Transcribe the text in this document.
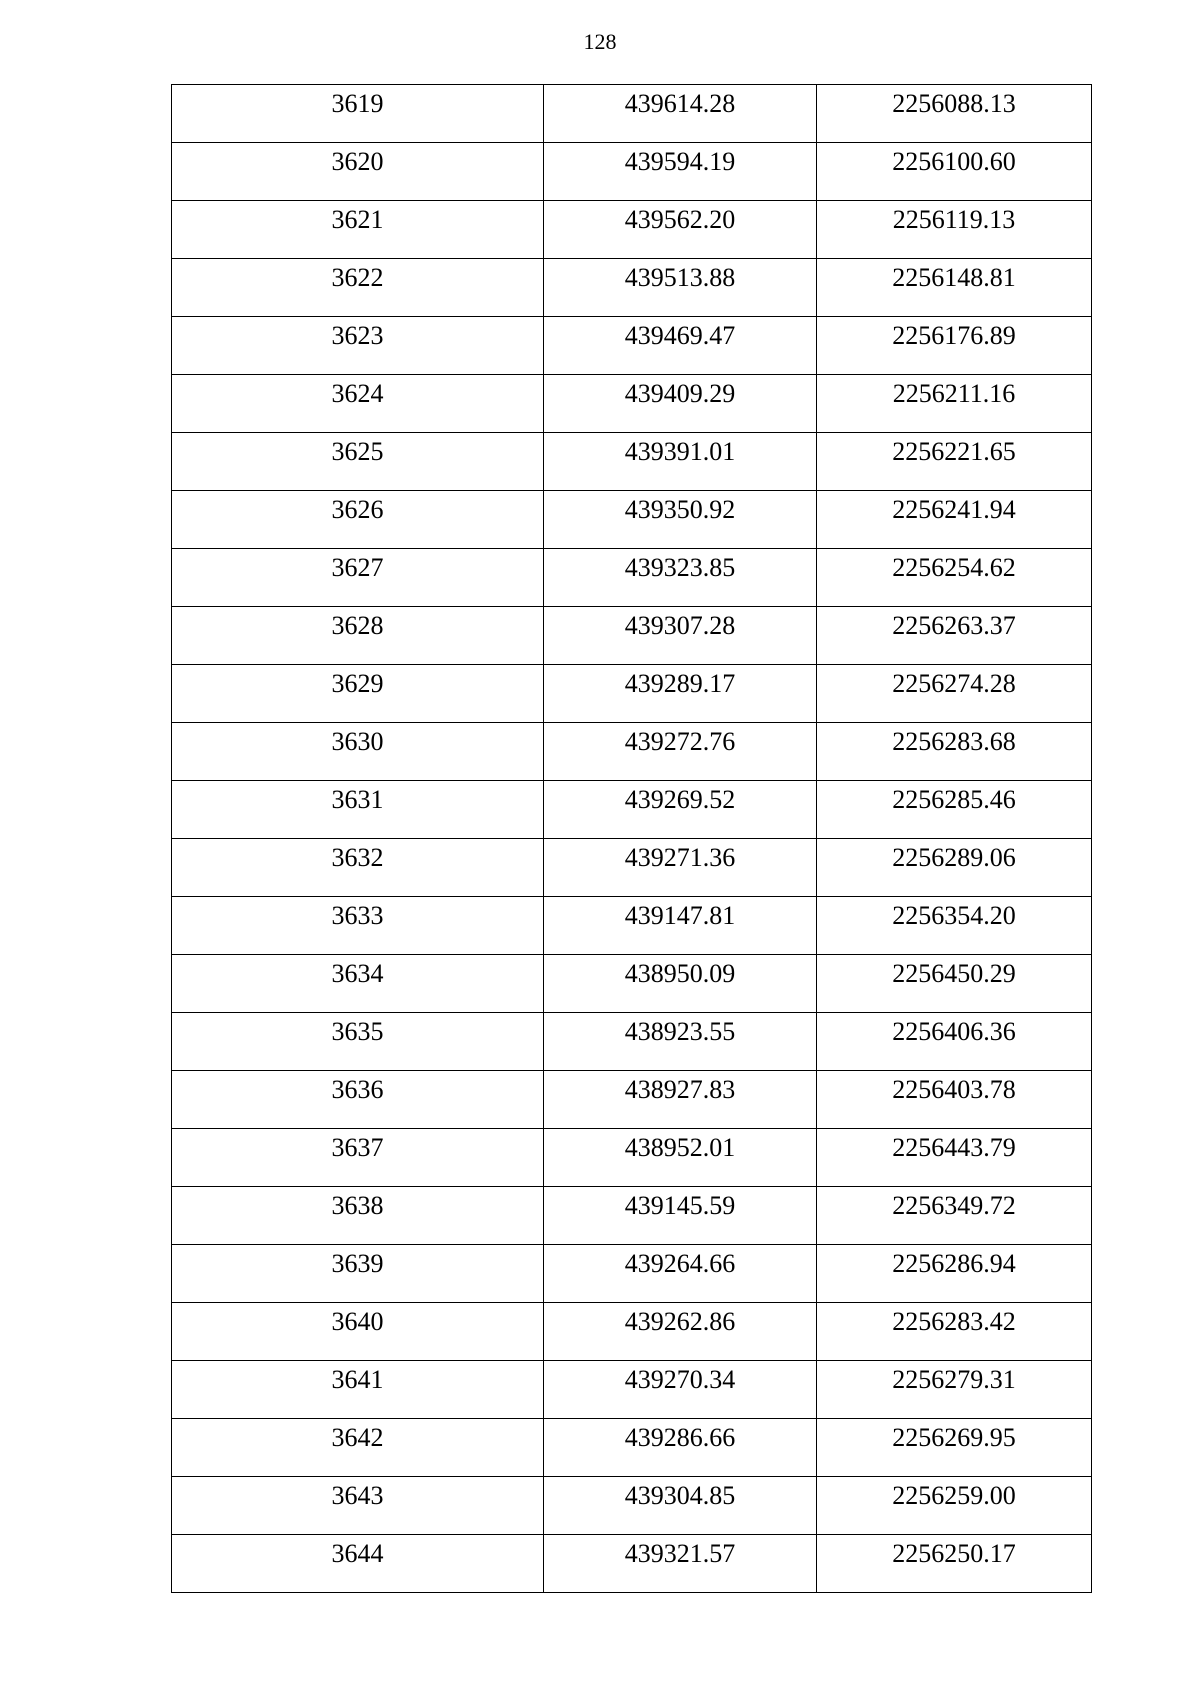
128
3619	439614.28	2256088.13
3620	439594.19	2256100.60
3621	439562.20	2256119.13
3622	439513.88	2256148.81
3623	439469.47	2256176.89
3624	439409.29	2256211.16
3625	439391.01	2256221.65
3626	439350.92	2256241.94
3627	439323.85	2256254.62
3628	439307.28	2256263.37
3629	439289.17	2256274.28
3630	439272.76	2256283.68
3631	439269.52	2256285.46
3632	439271.36	2256289.06
3633	439147.81	2256354.20
3634	438950.09	2256450.29
3635	438923.55	2256406.36
3636	438927.83	2256403.78
3637	438952.01	2256443.79
3638	439145.59	2256349.72
3639	439264.66	2256286.94
3640	439262.86	2256283.42
3641	439270.34	2256279.31
3642	439286.66	2256269.95
3643	439304.85	2256259.00
3644	439321.57	2256250.17
